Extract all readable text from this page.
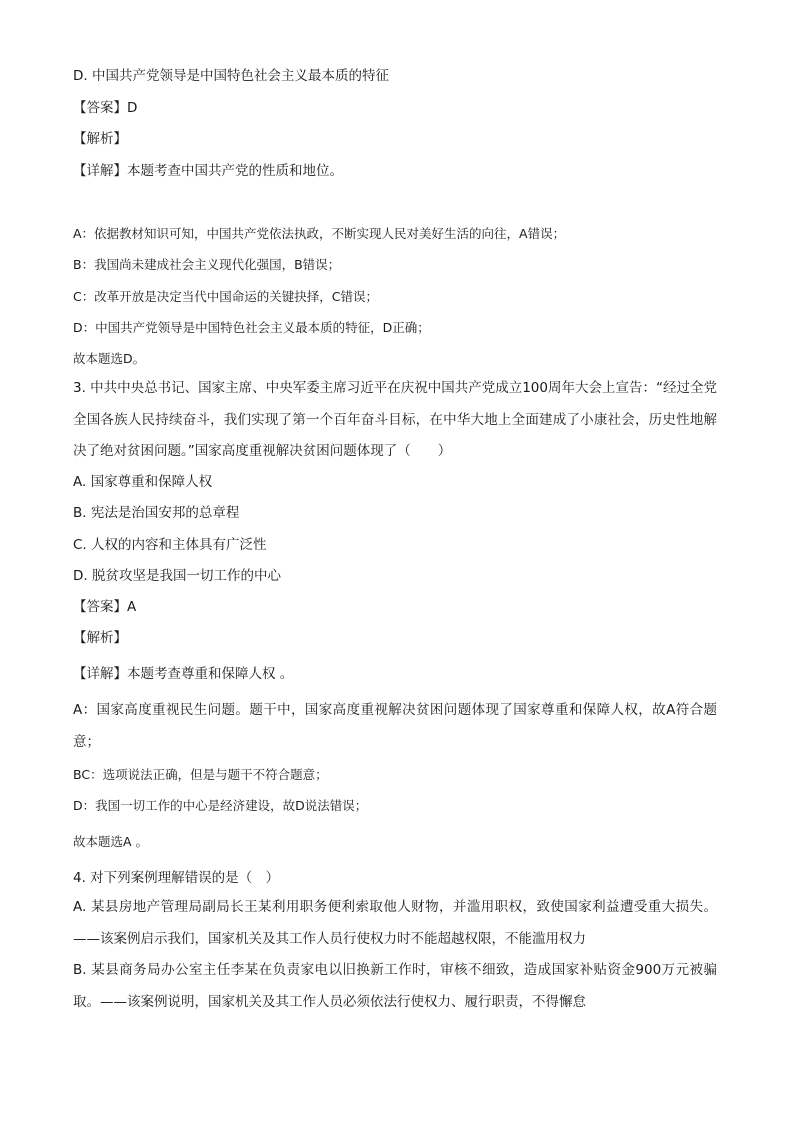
D. 中国共产党领导是中国特色社会主义最本质的特征
【答案】D
【解析】
【详解】本题考查中国共产党的性质和地位。
A：依据教材知识可知，中国共产党依法执政，不断实现人民对美好生活的向往，A错误；
B：我国尚未建成社会主义现代化强国，B错误；
C：改革开放是决定当代中国命运的关键抉择，C错误；
D：中国共产党领导是中国特色社会主义最本质的特征，D正确；
故本题选D。
3. 中共中央总书记、国家主席、中央军委主席习近平在庆祝中国共产党成立100周年大会上宣告：“经过全党全国各族人民持续奋斗，我们实现了第一个百年奋斗目标，在中华大地上全面建成了小康社会，历史性地解决了绝对贫困问题。”国家高度重视解决贫困问题体现了（　　）
A. 国家尊重和保障人权
B. 宪法是治国安邦的总章程
C. 人权的内容和主体具有广泛性
D. 脱贫攻坚是我国一切工作的中心
【答案】A
【解析】
【详解】本题考查尊重和保障人权 。
A：国家高度重视民生问题。题干中，国家高度重视解决贫困问题体现了国家尊重和保障人权，故A符合题意；
BC：选项说法正确，但是与题干不符合题意；
D：我国一切工作的中心是经济建设，故D说法错误；
故本题选A 。
4. 对下列案例理解错误的是（　）
A. 某县房地产管理局副局长王某利用职务便利索取他人财物，并滥用职权，致使国家利益遭受重大损失。——该案例启示我们，国家机关及其工作人员行使权力时不能超越权限，不能滥用权力
B. 某县商务局办公室主任李某在负责家电以旧换新工作时，审核不细致，造成国家补贴资金900万元被骗取。——该案例说明，国家机关及其工作人员必须依法行使权力、履行职责，不得懈怠
